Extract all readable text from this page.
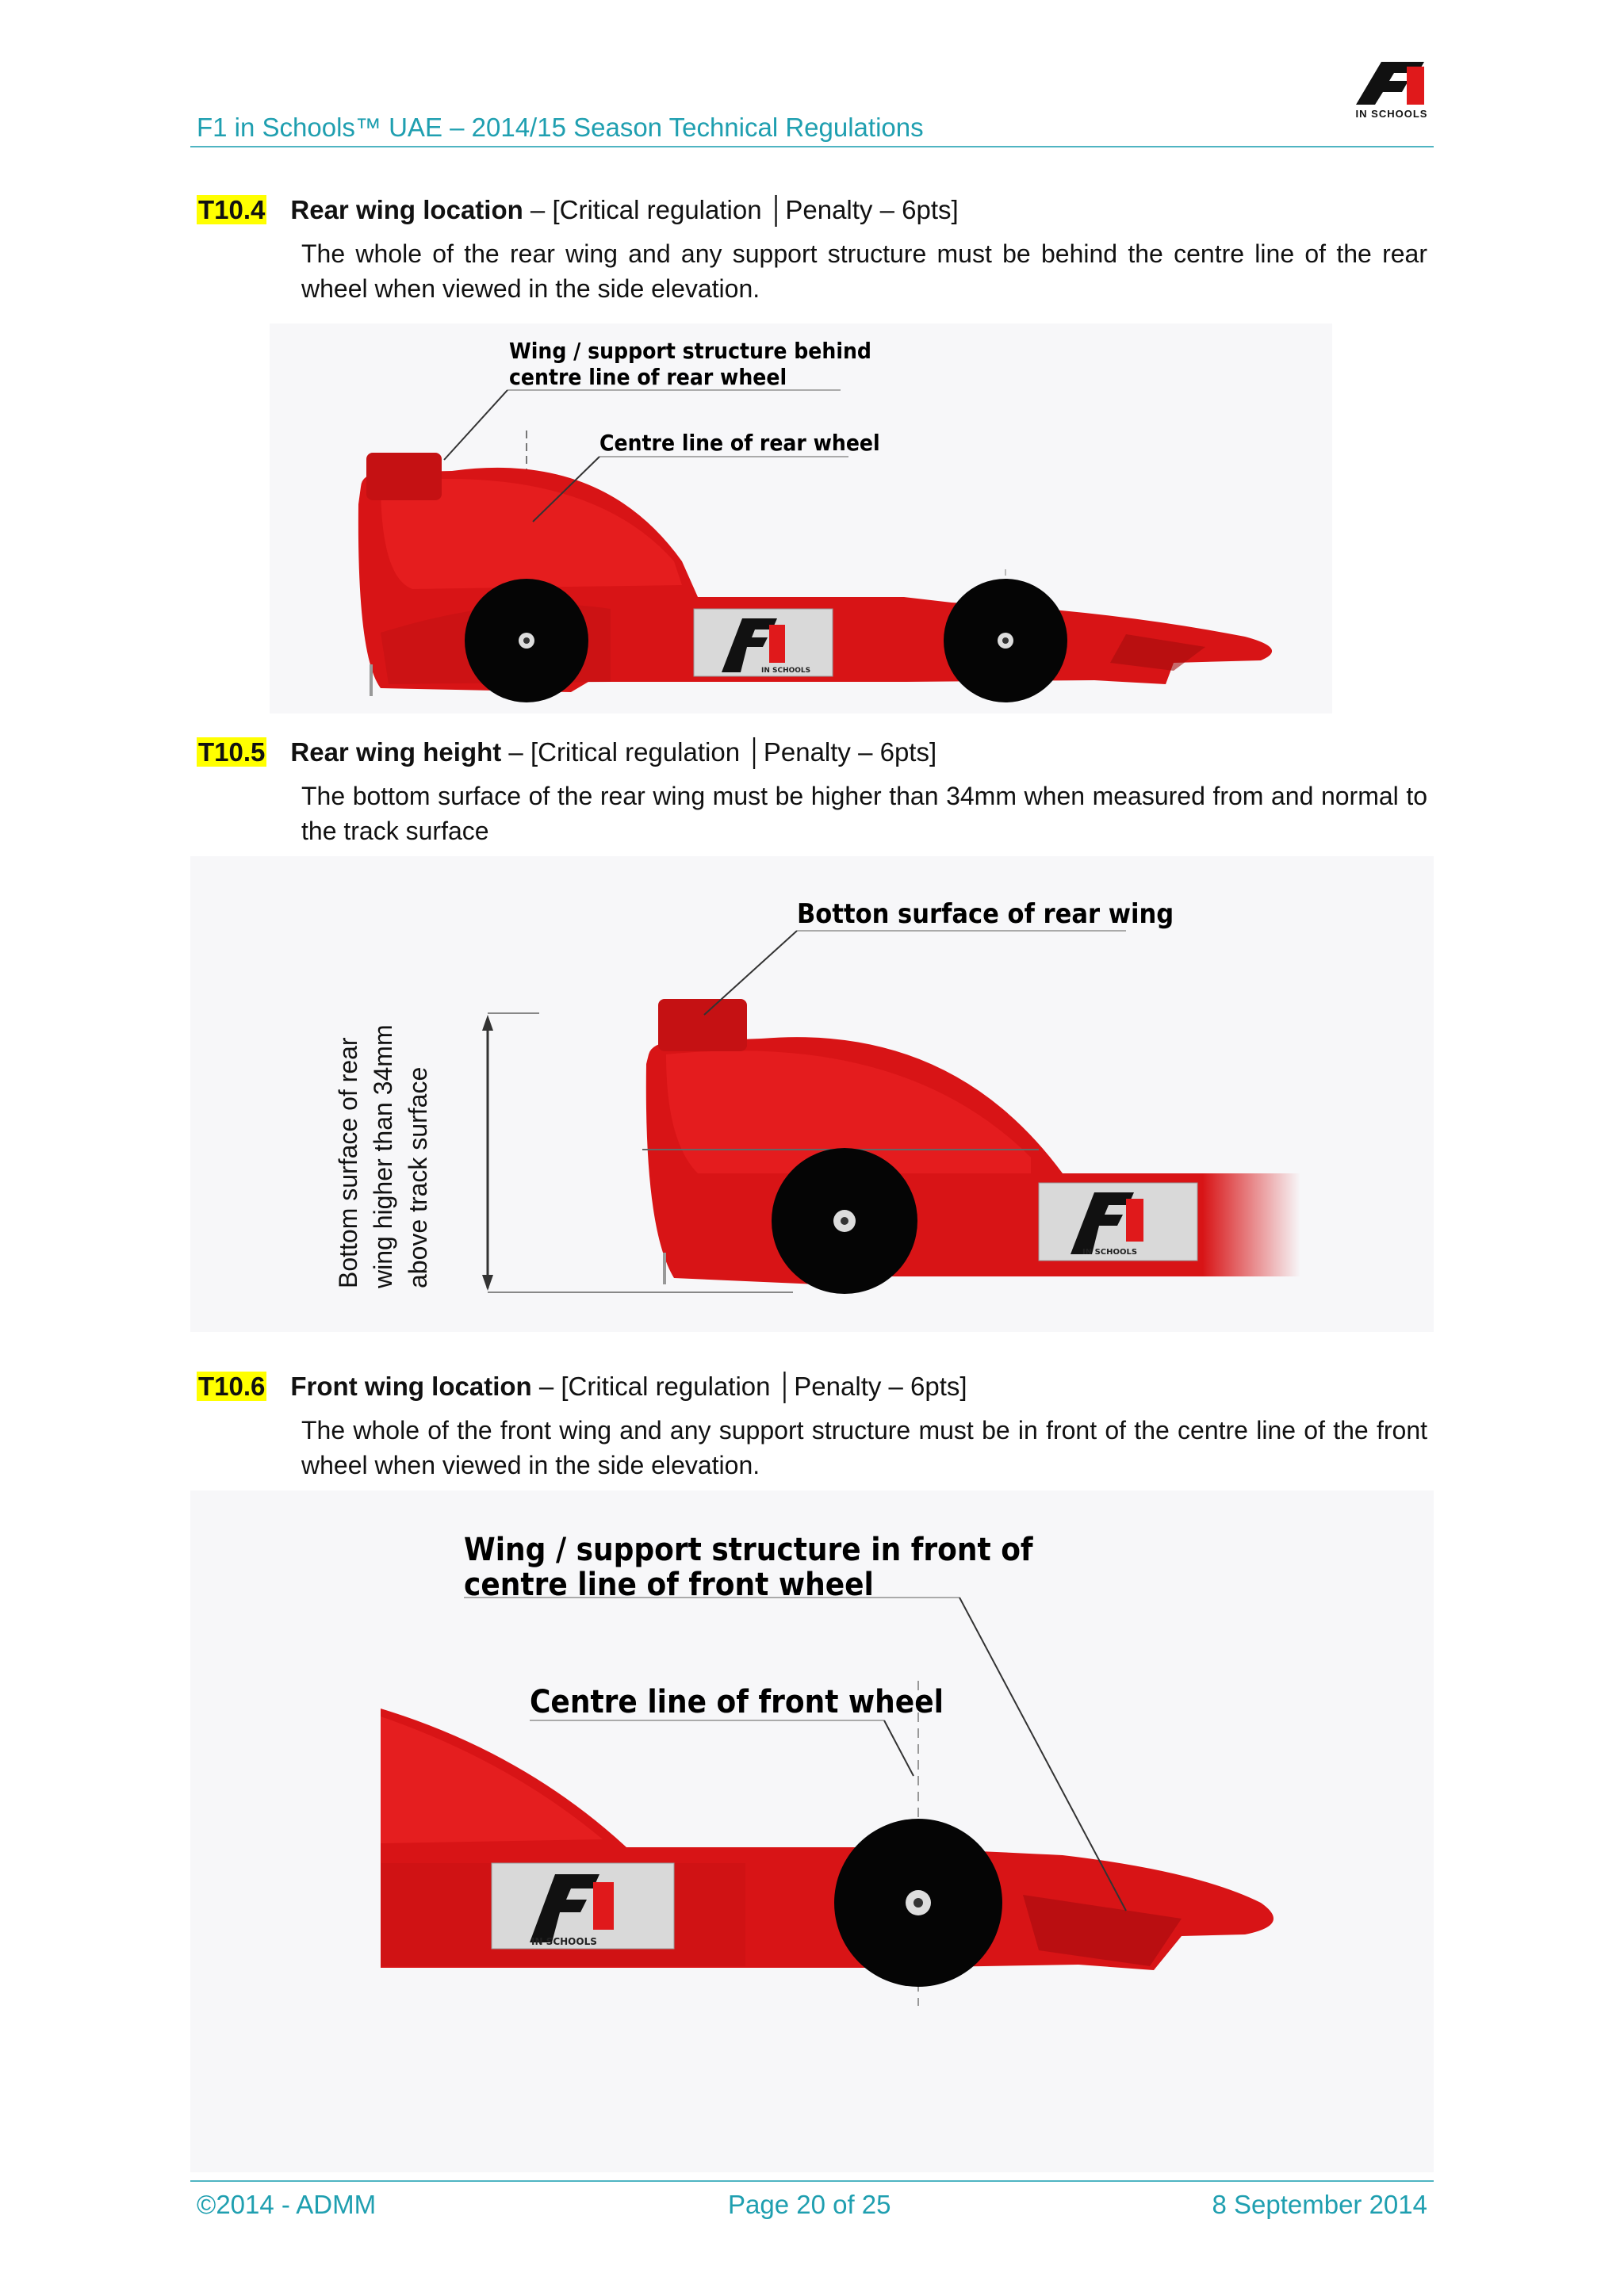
F1 in Schools™ UAE – 2014/15 Season Technical Regulations	IN SCHOOLS
T10.4 Rear wing location – [Critical regulation │Penalty – 6pts]
The whole of the rear wing and any support structure must be behind the centre line of the rear wheel when viewed in the side elevation.
IN SCHOOLS
Wing / support structure behind
centre line of rear wheel
Centre line of rear wheel
T10.5 Rear wing height – [Critical regulation │Penalty – 6pts]
The bottom surface of the rear wing must be higher than 34mm when measured from and normal to the track surface
IN SCHOOLS
Botton surface of rear wing
Bottom surface of rear wing higher than 34mm above track surface
T10.6 Front wing location – [Critical regulation │Penalty – 6pts]
The whole of the front wing and any support structure must be in front of the centre line of the front wheel when viewed in the side elevation.
IN SCHOOLS
Wing / support structure in front of
centre line of front wheel
Centre line of front wheel
©2014 - ADMM	Page 20 of 25	8 September 2014
